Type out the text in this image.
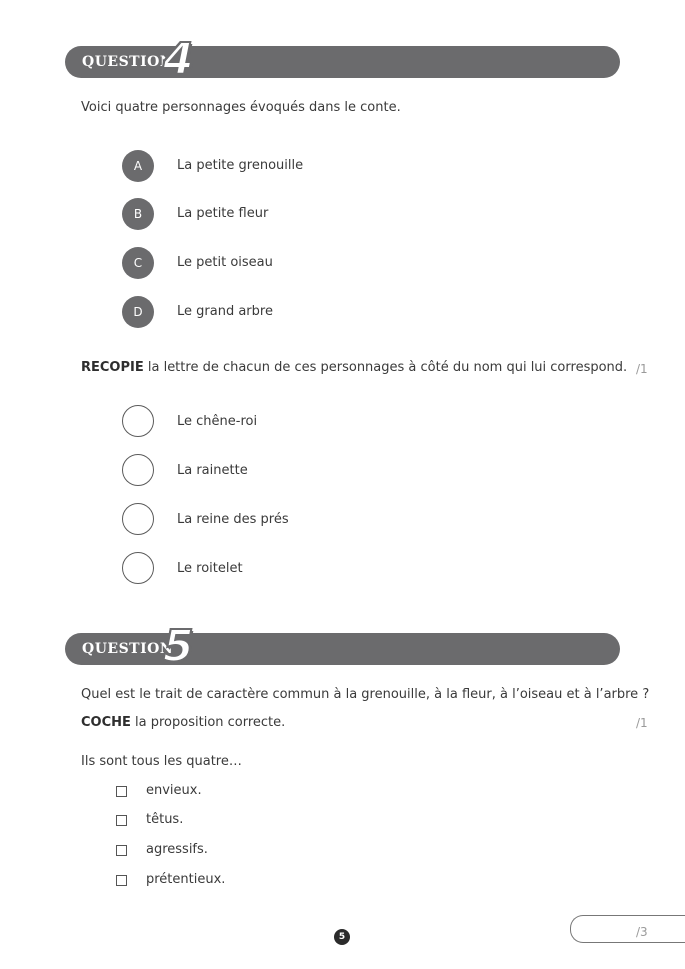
QUESTION
4
Voici quatre personnages évoqués dans le conte.
A	La petite grenouille
B	La petite fleur
C	Le petit oiseau
D	Le grand arbre
RECOPIE la lettre de chacun de ces personnages à côté du nom qui lui correspond. /1
Le chêne-roi
La rainette
La reine des prés
Le roitelet
QUESTION
5
Quel est le trait de caractère commun à la grenouille, à la fleur, à l’oiseau et à l’arbre ?
COCHE la proposition correcte.	/1
Ils sont tous les quatre…
envieux.
têtus.
agressifs.
prétentieux.
/3
5
